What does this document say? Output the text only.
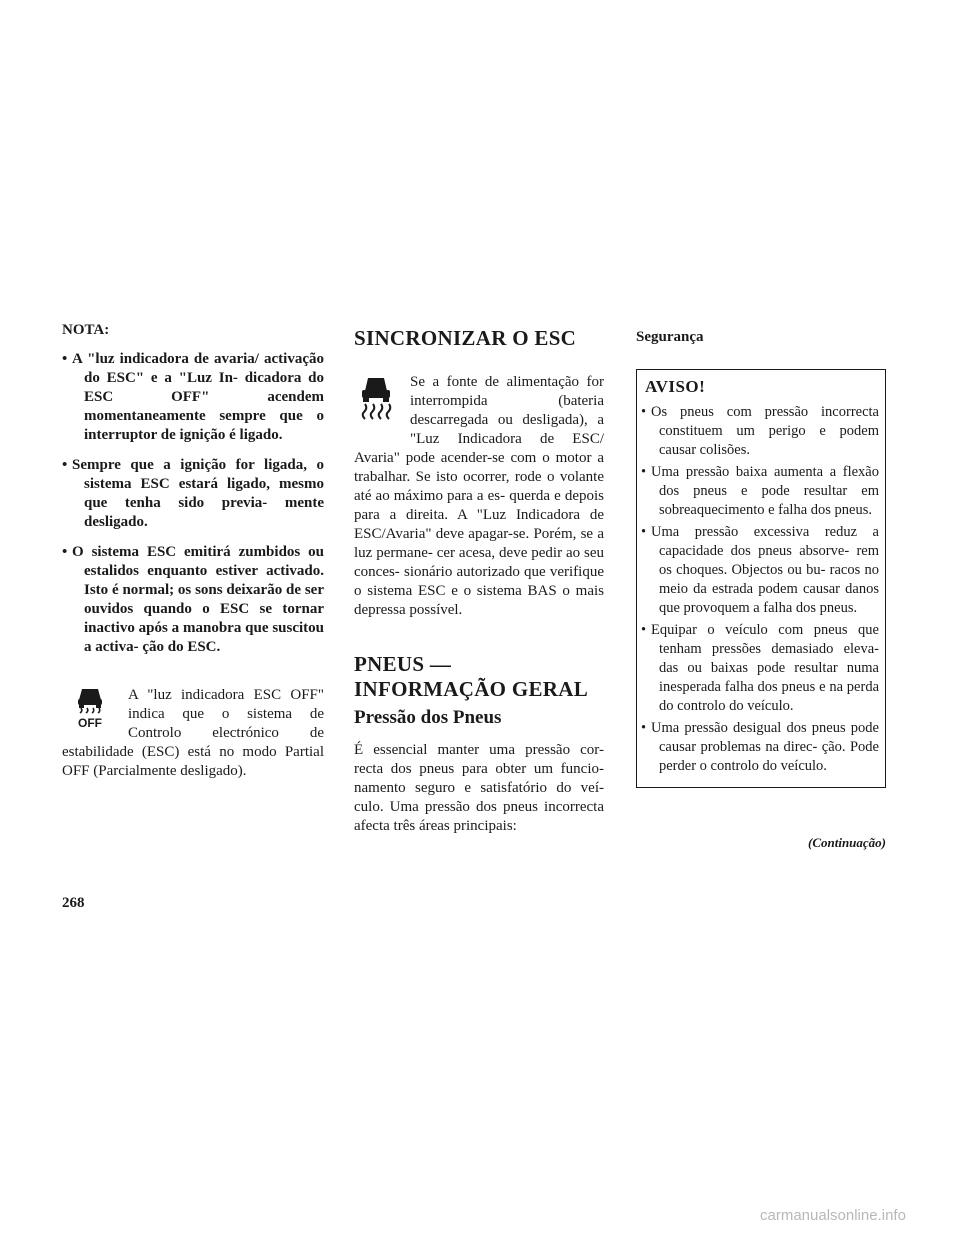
NOTA:
• A "luz indicadora de avaria/ activação do ESC" e a "Luz In- dicadora do ESC OFF" acendem momentaneamente sempre que o interruptor de ignição é ligado.
• Sempre que a ignição for ligada, o sistema ESC estará ligado, mesmo que tenha sido previa- mente desligado.
• O sistema ESC emitirá zumbidos ou estalidos enquanto estiver activado. Isto é normal; os sons deixarão de ser ouvidos quando o ESC se tornar inactivo após a manobra que suscitou a activa- ção do ESC.
OFF
A "luz indicadora ESC OFF" indica que o sistema de Controlo electrónico de estabilidade (ESC) está no modo Partial OFF (Parcialmente desligado).
SINCRONIZAR O ESC
Se a fonte de alimentação for interrompida (bateria descarregada ou desligada), a "Luz Indicadora de ESC/ Avaria" pode acender-se com o motor a trabalhar. Se isto ocorrer, rode o volante até ao máximo para a es- querda e depois para a direita. A "Luz Indicadora de ESC/Avaria" deve apagar-se. Porém, se a luz permane- cer acesa, deve pedir ao seu conces- sionário autorizado que verifique o sistema ESC e o sistema BAS o mais depressa possível.
PNEUS — INFORMAÇÃO GERAL
Pressão dos Pneus

É essencial manter uma pressão cor- recta dos pneus para obter um funcio- namento seguro e satisfatório do veí- culo. Uma pressão dos pneus incorrecta afecta três áreas principais:

Segurança
AVISO!
• Os pneus com pressão incorrecta constituem um perigo e podem causar colisões.
• Uma pressão baixa aumenta a flexão dos pneus e pode resultar em sobreaquecimento e falha dos pneus.
• Uma pressão excessiva reduz a capacidade dos pneus absorve- rem os choques. Objectos ou bu- racos no meio da estrada podem causar danos que provoquem a falha dos pneus.
• Equipar o veículo com pneus que tenham pressões demasiado eleva- das ou baixas pode resultar numa inesperada falha dos pneus e na perda do controlo do veículo.
• Uma pressão desigual dos pneus pode causar problemas na direc- ção. Pode perder o controlo do veículo.
(Continuação)
268
carmanualsonline.info
